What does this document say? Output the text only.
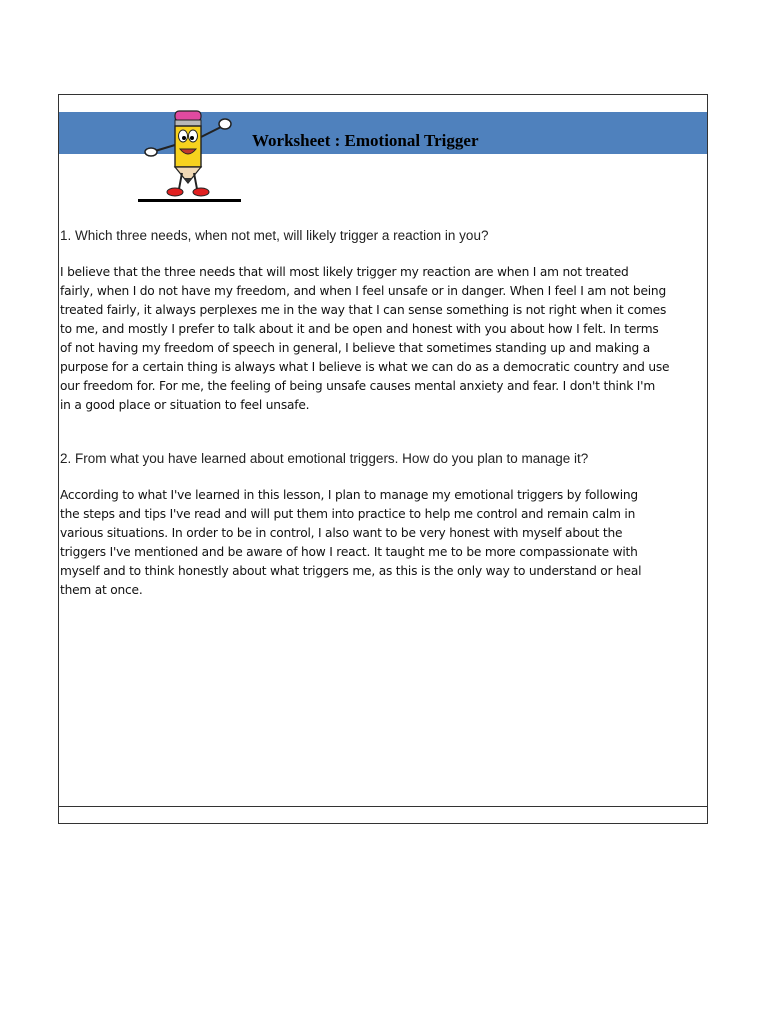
Worksheet : Emotional Trigger
1. Which three needs, when not met, will likely trigger a reaction in you?
I believe that the three needs that will most likely trigger my reaction are when I am not treated
fairly, when I do not have my freedom, and when I feel unsafe or in danger. When I feel I am not being
treated fairly, it always perplexes me in the way that I can sense something is not right when it comes
to me, and mostly I prefer to talk about it and be open and honest with you about how I felt. In terms
of not having my freedom of speech in general, I believe that sometimes standing up and making a
purpose for a certain thing is always what I believe is what we can do as a democratic country and use
our freedom for. For me, the feeling of being unsafe causes mental anxiety and fear. I don't think I'm
in a good place or situation to feel unsafe.
2. From what you have learned about emotional triggers. How do you plan to manage it?
According to what I've learned in this lesson, I plan to manage my emotional triggers by following
the steps and tips I've read and will put them into practice to help me control and remain calm in
various situations. In order to be in control, I also want to be very honest with myself about the
triggers I've mentioned and be aware of how I react. It taught me to be more compassionate with
myself and to think honestly about what triggers me, as this is the only way to understand or heal
them at once.
